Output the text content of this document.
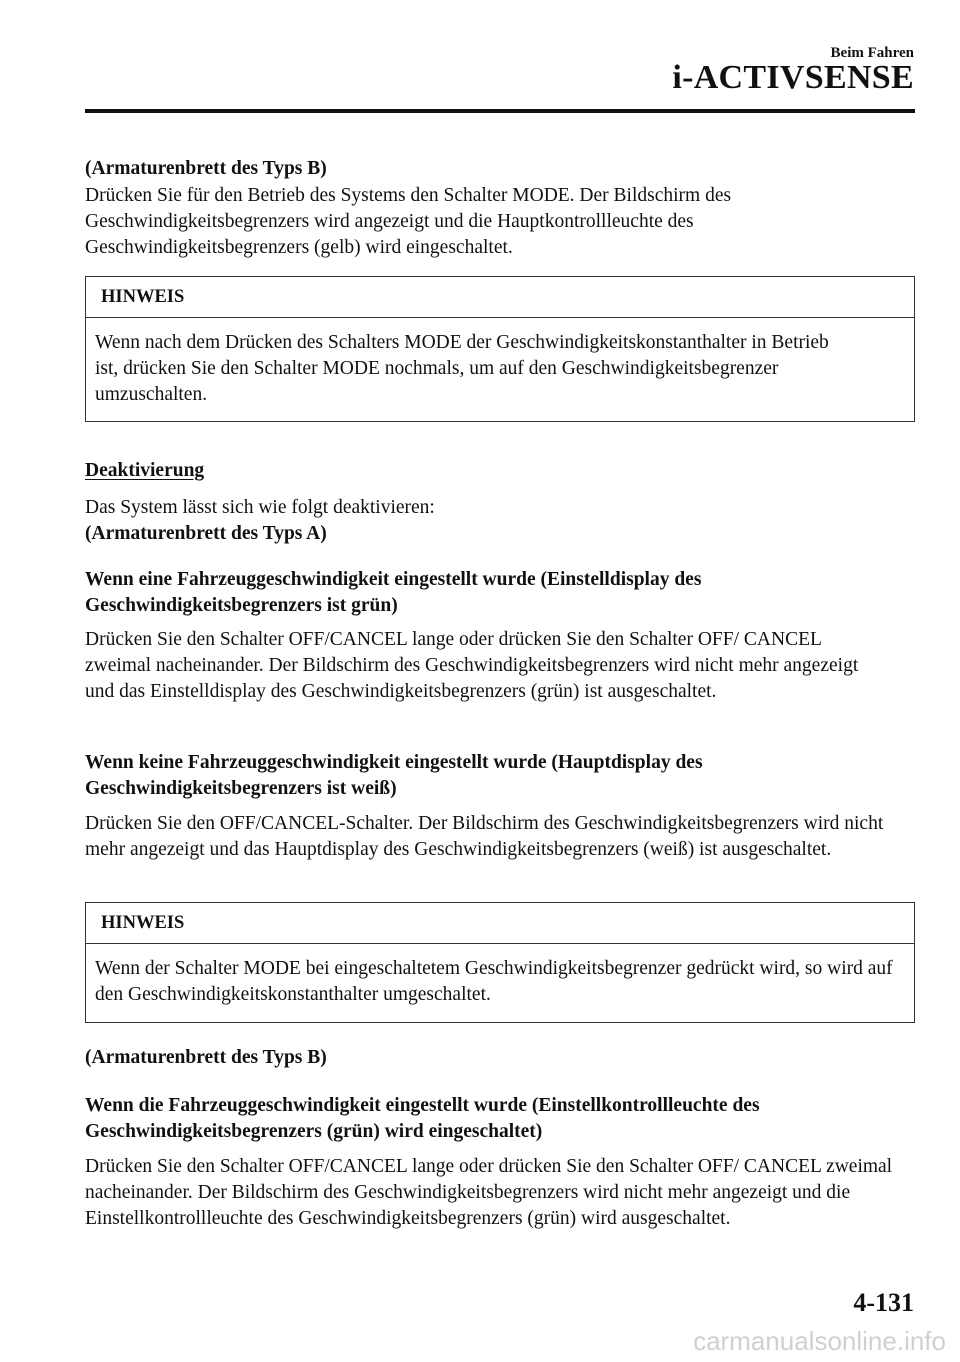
Beim Fahren
i-ACTIVSENSE

(Armaturenbrett des Typs B)

Drücken Sie für den Betrieb des Systems den Schalter MODE. Der Bildschirm des Geschwindigkeitsbegrenzers wird angezeigt und die Hauptkontrollleuchte des Geschwindigkeitsbegrenzers (gelb) wird eingeschaltet.

HINWEIS

Wenn nach dem Drücken des Schalters MODE der Geschwindigkeitskonstanthalter in Betrieb ist, drücken Sie den Schalter MODE nochmals, um auf den Geschwindigkeitsbegrenzer umzuschalten.

Deaktivierung

Das System lässt sich wie folgt deaktivieren:

(Armaturenbrett des Typs A)

Wenn eine Fahrzeuggeschwindigkeit eingestellt wurde (Einstelldisplay des Geschwindigkeitsbegrenzers ist grün)

Drücken Sie den Schalter OFF/CANCEL lange oder drücken Sie den Schalter OFF/ CANCEL zweimal nacheinander. Der Bildschirm des Geschwindigkeitsbegrenzers wird nicht mehr angezeigt und das Einstelldisplay des Geschwindigkeitsbegrenzers (grün) ist ausgeschaltet.

Wenn keine Fahrzeuggeschwindigkeit eingestellt wurde (Hauptdisplay des Geschwindigkeitsbegrenzers ist weiß)

Drücken Sie den OFF/CANCEL-Schalter. Der Bildschirm des Geschwindigkeitsbegrenzers wird nicht mehr angezeigt und das Hauptdisplay des Geschwindigkeitsbegrenzers (weiß) ist ausgeschaltet.

HINWEIS

Wenn der Schalter MODE bei eingeschaltetem Geschwindigkeitsbegrenzer gedrückt wird, so wird auf den Geschwindigkeitskonstanthalter umgeschaltet.

(Armaturenbrett des Typs B)

Wenn die Fahrzeuggeschwindigkeit eingestellt wurde (Einstellkontrollleuchte des Geschwindigkeitsbegrenzers (grün) wird eingeschaltet)

Drücken Sie den Schalter OFF/CANCEL lange oder drücken Sie den Schalter OFF/ CANCEL zweimal nacheinander. Der Bildschirm des Geschwindigkeitsbegrenzers wird nicht mehr angezeigt und die Einstellkontrollleuchte des Geschwindigkeitsbegrenzers (grün) wird ausgeschaltet.

4-131
carmanualsonline.info
